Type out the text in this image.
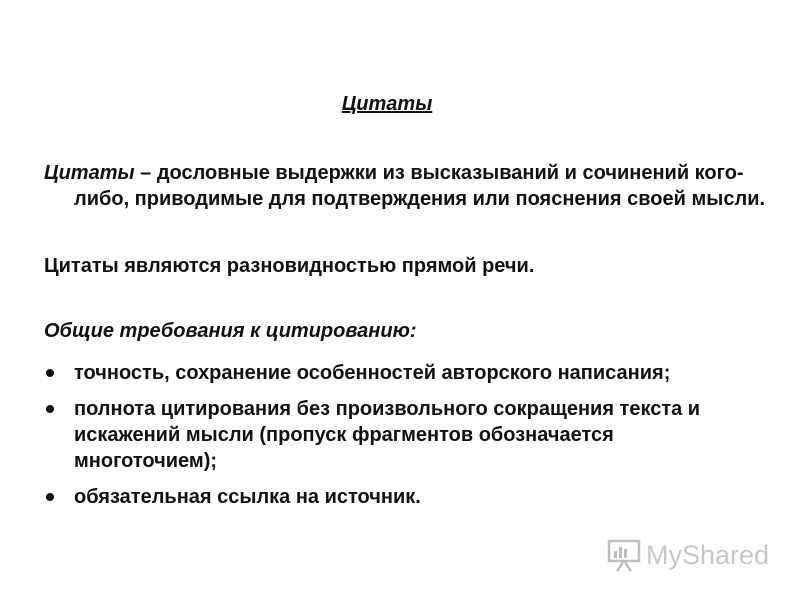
Цитаты
Цитаты – дословные выдержки из высказываний и сочинений кого-либо, приводимые для подтверждения или пояснения своей мысли.
Цитаты являются разновидностью прямой речи.
Общие требования к цитированию:
точность, сохранение особенностей авторского написания;
полнота цитирования без произвольного сокращения текста и искажений мысли (пропуск фрагментов обозначается многоточием);
обязательная ссылка на источник.
MyShared
